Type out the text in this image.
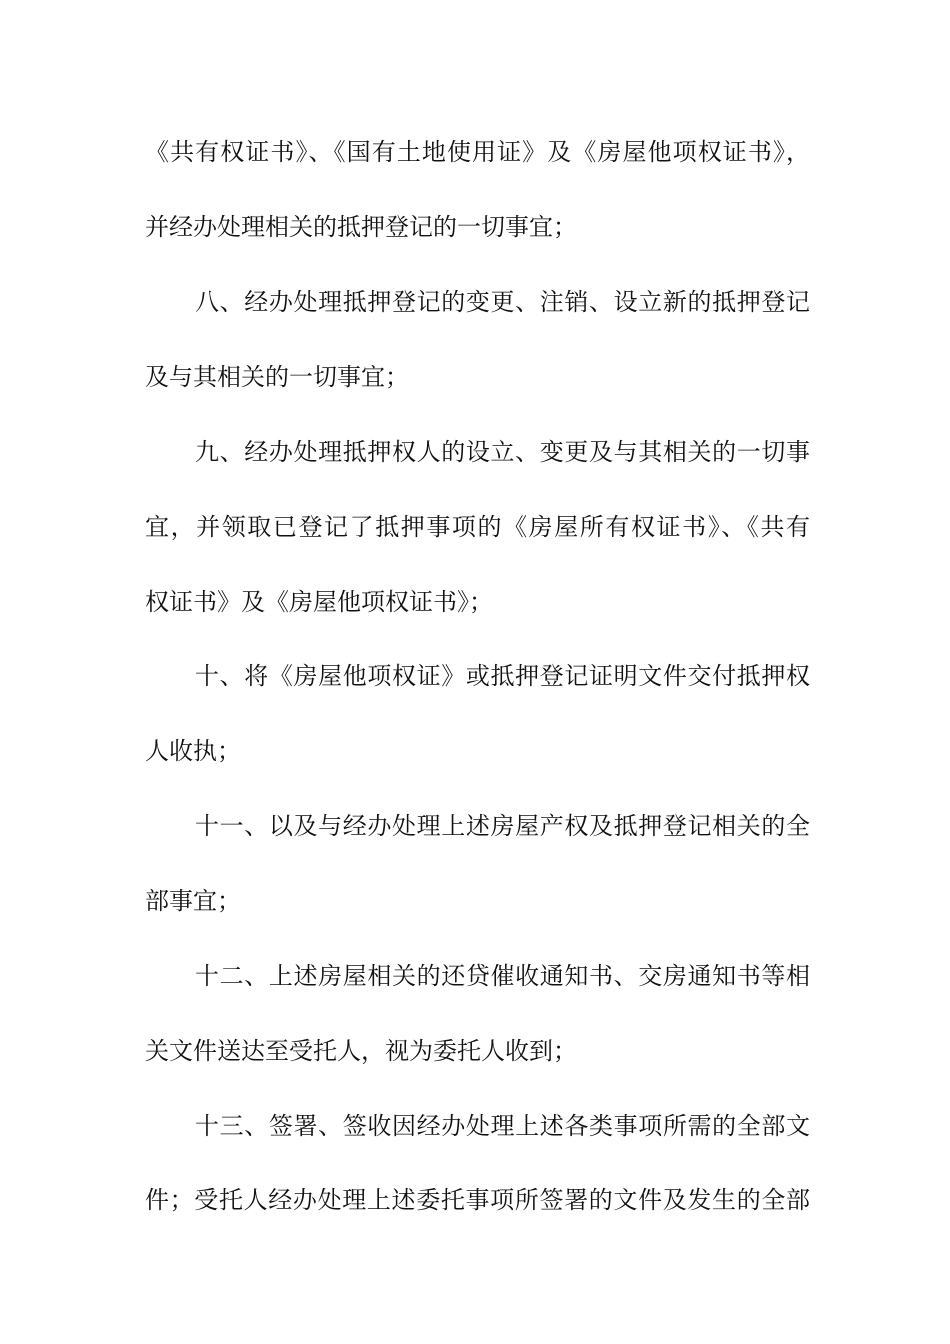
《共有权证书》、《国有土地使用证》及《房屋他项权证书》，
并经办处理相关的抵押登记的一切事宜；
八、经办处理抵押登记的变更、注销、设立新的抵押登记
及与其相关的一切事宜；
九、经办处理抵押权人的设立、变更及与其相关的一切事
宜，并领取已登记了抵押事项的《房屋所有权证书》、《共有
权证书》及《房屋他项权证书》；
十、将《房屋他项权证》或抵押登记证明文件交付抵押权
人收执；
十一、以及与经办处理上述房屋产权及抵押登记相关的全
部事宜；
十二、上述房屋相关的还贷催收通知书、交房通知书等相
关文件送达至受托人，视为委托人收到；
十三、签署、签收因经办处理上述各类事项所需的全部文
件；受托人经办处理上述委托事项所签署的文件及发生的全部
